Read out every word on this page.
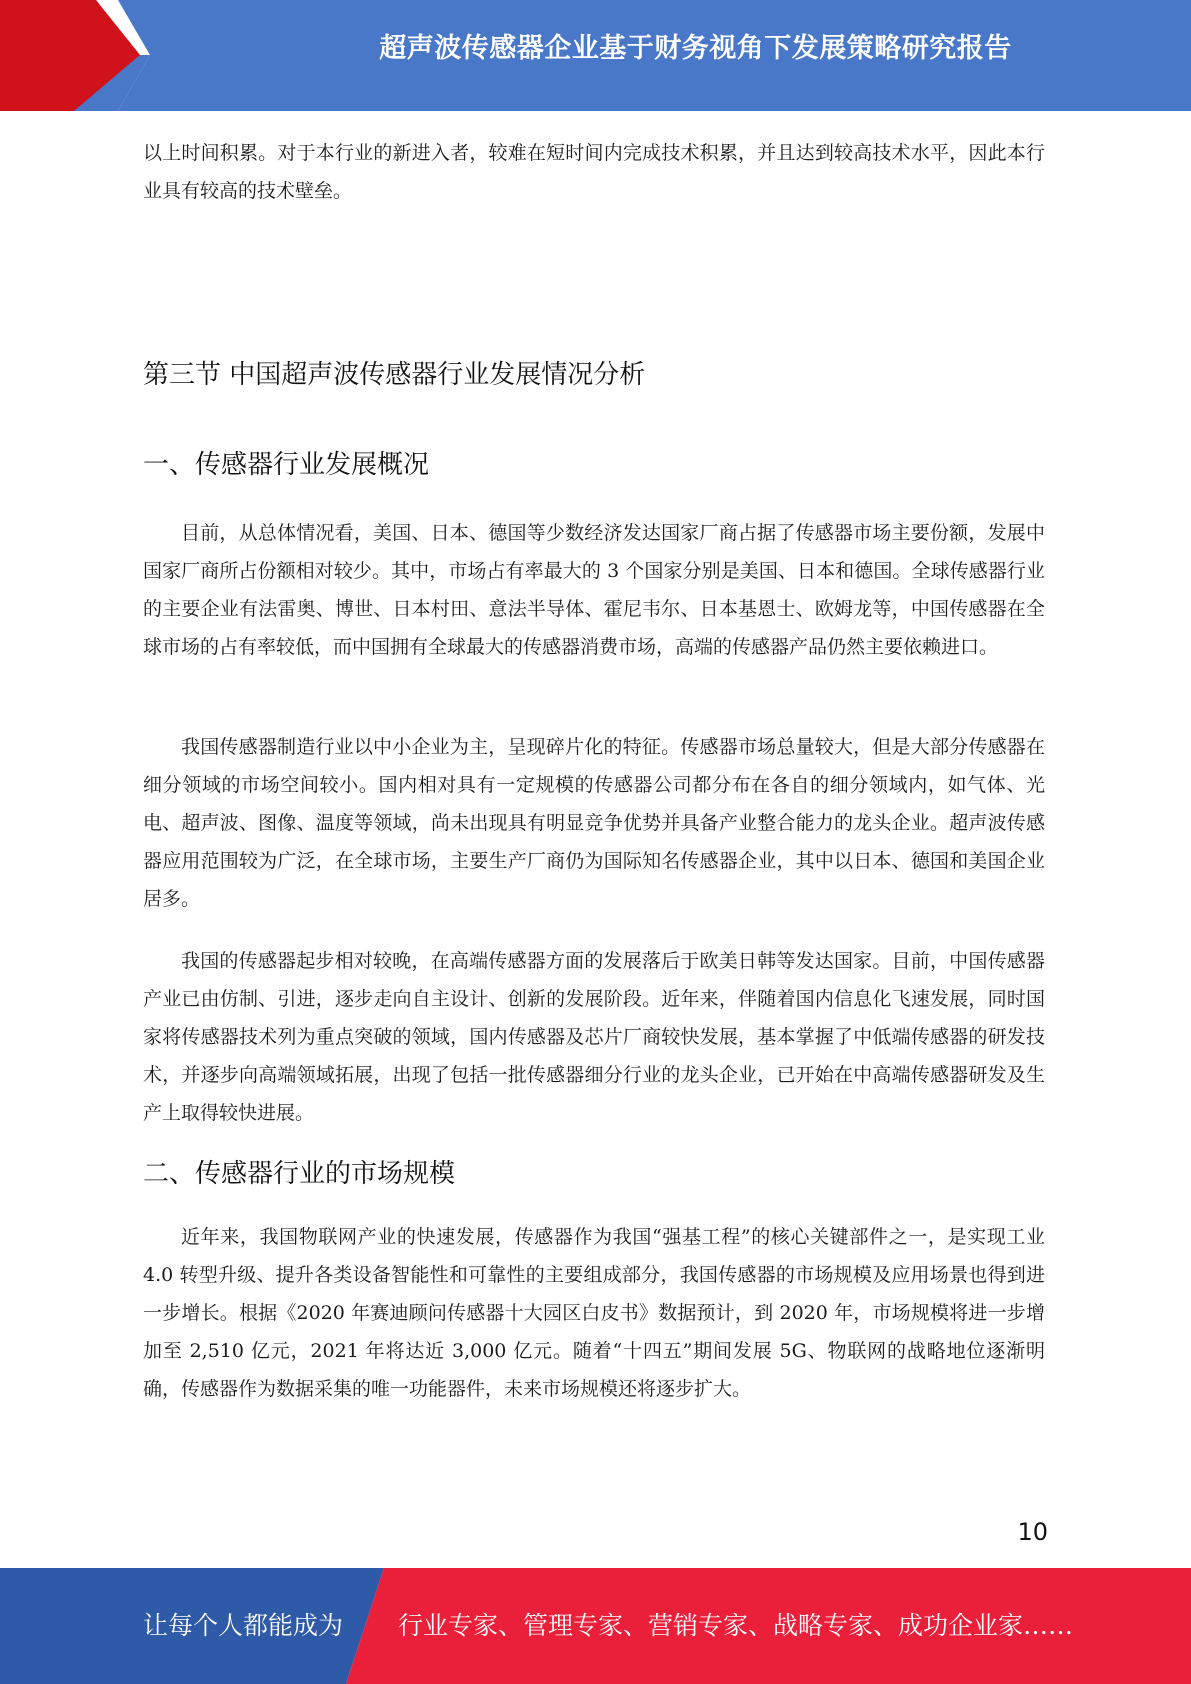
超声波传感器企业基于财务视角下发展策略研究报告

以上时间积累。对于本行业的新进入者，较难在短时间内完成技术积累，并且达到较高技术水平，因此本行业具有较高的技术壁垒。

第三节 中国超声波传感器行业发展情况分析
一、传感器行业发展概况

目前，从总体情况看，美国、日本、德国等少数经济发达国家厂商占据了传感器市场主要份额，发展中国家厂商所占份额相对较少。其中，市场占有率最大的 3 个国家分别是美国、日本和德国。全球传感器行业的主要企业有法雷奥、博世、日本村田、意法半导体、霍尼韦尔、日本基恩士、欧姆龙等，中国传感器在全球市场的占有率较低，而中国拥有全球最大的传感器消费市场，高端的传感器产品仍然主要依赖进口。

我国传感器制造行业以中小企业为主，呈现碎片化的特征。传感器市场总量较大，但是大部分传感器在细分领域的市场空间较小。国内相对具有一定规模的传感器公司都分布在各自的细分领域内，如气体、光电、超声波、图像、温度等领域，尚未出现具有明显竞争优势并具备产业整合能力的龙头企业。超声波传感器应用范围较为广泛，在全球市场，主要生产厂商仍为国际知名传感器企业，其中以日本、德国和美国企业居多。

我国的传感器起步相对较晚，在高端传感器方面的发展落后于欧美日韩等发达国家。目前，中国传感器产业已由仿制、引进，逐步走向自主设计、创新的发展阶段。近年来，伴随着国内信息化飞速发展，同时国家将传感器技术列为重点突破的领域，国内传感器及芯片厂商较快发展，基本掌握了中低端传感器的研发技术，并逐步向高端领域拓展，出现了包括一批传感器细分行业的龙头企业，已开始在中高端传感器研发及生产上取得较快进展。

二、传感器行业的市场规模

近年来，我国物联网产业的快速发展，传感器作为我国“强基工程”的核心关键部件之一，是实现工业 4.0 转型升级、提升各类设备智能性和可靠性的主要组成部分，我国传感器的市场规模及应用场景也得到进一步增长。根据《2020 年赛迪顾问传感器十大园区白皮书》数据预计，到 2020 年，市场规模将进一步增加至 2,510 亿元，2021 年将达近 3,000 亿元。随着“十四五”期间发展 5G、物联网的战略地位逐渐明确，传感器作为数据采集的唯一功能器件，未来市场规模还将逐步扩大。

10
让每个人都能成为 行业专家、管理专家、营销专家、战略专家、成功企业家……
